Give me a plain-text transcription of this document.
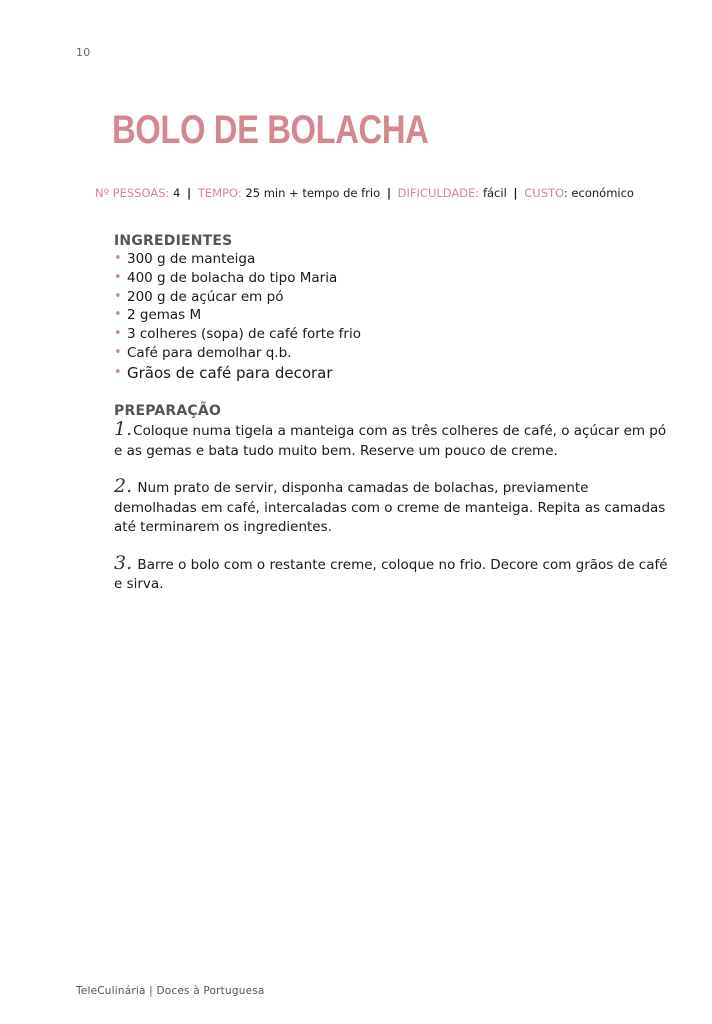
10
BOLO DE BOLACHA
Nº PESSOAS: 4 | TEMPO: 25 min + tempo de frio | DIFICULDADE: fácil | CUSTO: económico
INGREDIENTES
• 300 g de manteiga
• 400 g de bolacha do tipo Maria
• 200 g de açúcar em pó
• 2 gemas M
• 3 colheres (sopa) de café forte frio
• Café para demolhar q.b.
• Grãos de café para decorar
PREPARAÇÃO

1.Coloque numa tigela a manteiga com as três colheres de café, o açúcar em pó e as gemas e bata tudo muito bem. Reserve um pouco de creme.

2. Num prato de servir, disponha camadas de bolachas, previamente demolhadas em café, intercaladas com o creme de manteiga. Repita as camadas até terminarem os ingredientes.

3. Barre o bolo com o restante creme, coloque no frio. Decore com grãos de café e sirva.

TeleCulinária | Doces à Portuguesa
